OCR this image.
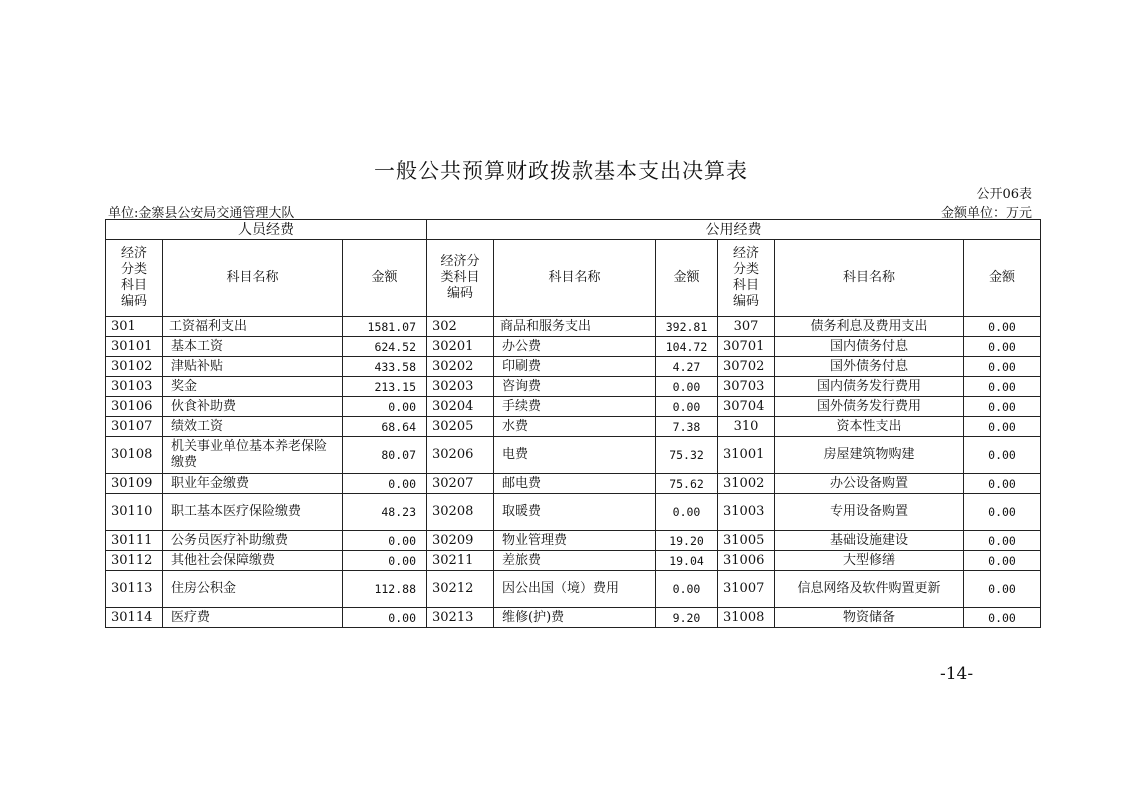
一般公共预算财政拨款基本支出决算表
公开06表
单位:金寨县公安局交通管理大队	金额单位：万元
人员经费			公用经费					
经济分类科目编码	科目名称	金额	经济分类科目编码	科目名称	金额	经济分类科目编码	科目名称	金额
301	工资福利支出	1581.07	302	商品和服务支出	392.81	307	债务利息及费用支出	0.00
30101	基本工资	624.52	30201	办公费	104.72	30701	国内债务付息	0.00
30102	津贴补贴	433.58	30202	印刷费	4.27	30702	国外债务付息	0.00
30103	奖金	213.15	30203	咨询费	0.00	30703	国内债务发行费用	0.00
30106	伙食补助费	0.00	30204	手续费	0.00	30704	国外债务发行费用	0.00
30107	绩效工资	68.64	30205	水费	7.38	310	资本性支出	0.00
30108	机关事业单位基本养老保险缴费	80.07	30206	电费	75.32	31001	房屋建筑物购建	0.00
30109	职业年金缴费	0.00	30207	邮电费	75.62	31002	办公设备购置	0.00
30110	职工基本医疗保险缴费	48.23	30208	取暖费	0.00	31003	专用设备购置	0.00
30111	公务员医疗补助缴费	0.00	30209	物业管理费	19.20	31005	基础设施建设	0.00
30112	其他社会保障缴费	0.00	30211	差旅费	19.04	31006	大型修缮	0.00
30113	住房公积金	112.88	30212	因公出国（境）费用	0.00	31007	信息网络及软件购置更新	0.00
30114	医疗费	0.00	30213	维修(护)费	9.20	31008	物资储备	0.00
-14-
